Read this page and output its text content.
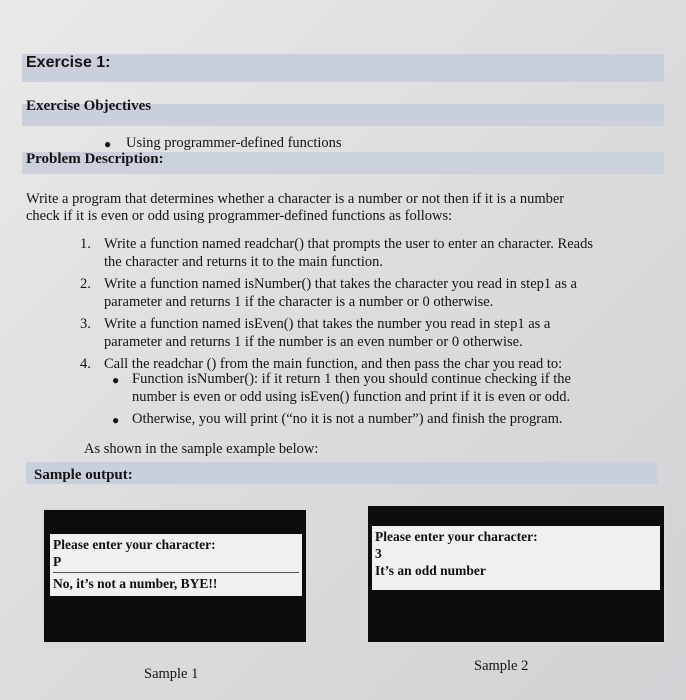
Exercise 1:
Exercise Objectives
● Using programmer-defined functions
Problem Description:
Write a program that determines whether a character is a number or not then if it is a number
check if it is even or odd using programmer-defined functions as follows:
1. Write a function named readchar() that prompts the user to enter an character. Reads
the character and returns it to the main function.
2. Write a function named isNumber() that takes the character you read in step1 as a
parameter and returns 1 if the character is a number or 0 otherwise.
3. Write a function named isEven() that takes the number you read in step1 as a
parameter and returns 1 if the number is an even number or 0 otherwise.
4. Call the readchar () from the main function, and then pass the char you read to:
● Function isNumber(): if it return 1 then you should continue checking if the
number is even or odd using isEven() function and print if it is even or odd.
● Otherwise, you will print (“no it is not a number”) and finish the program.
As shown in the sample example below:
Sample output:
Please enter your character:
P
No, it’s not a number, BYE!!
Sample 1
Please enter your character:
3
It’s an odd number
Sample 2
